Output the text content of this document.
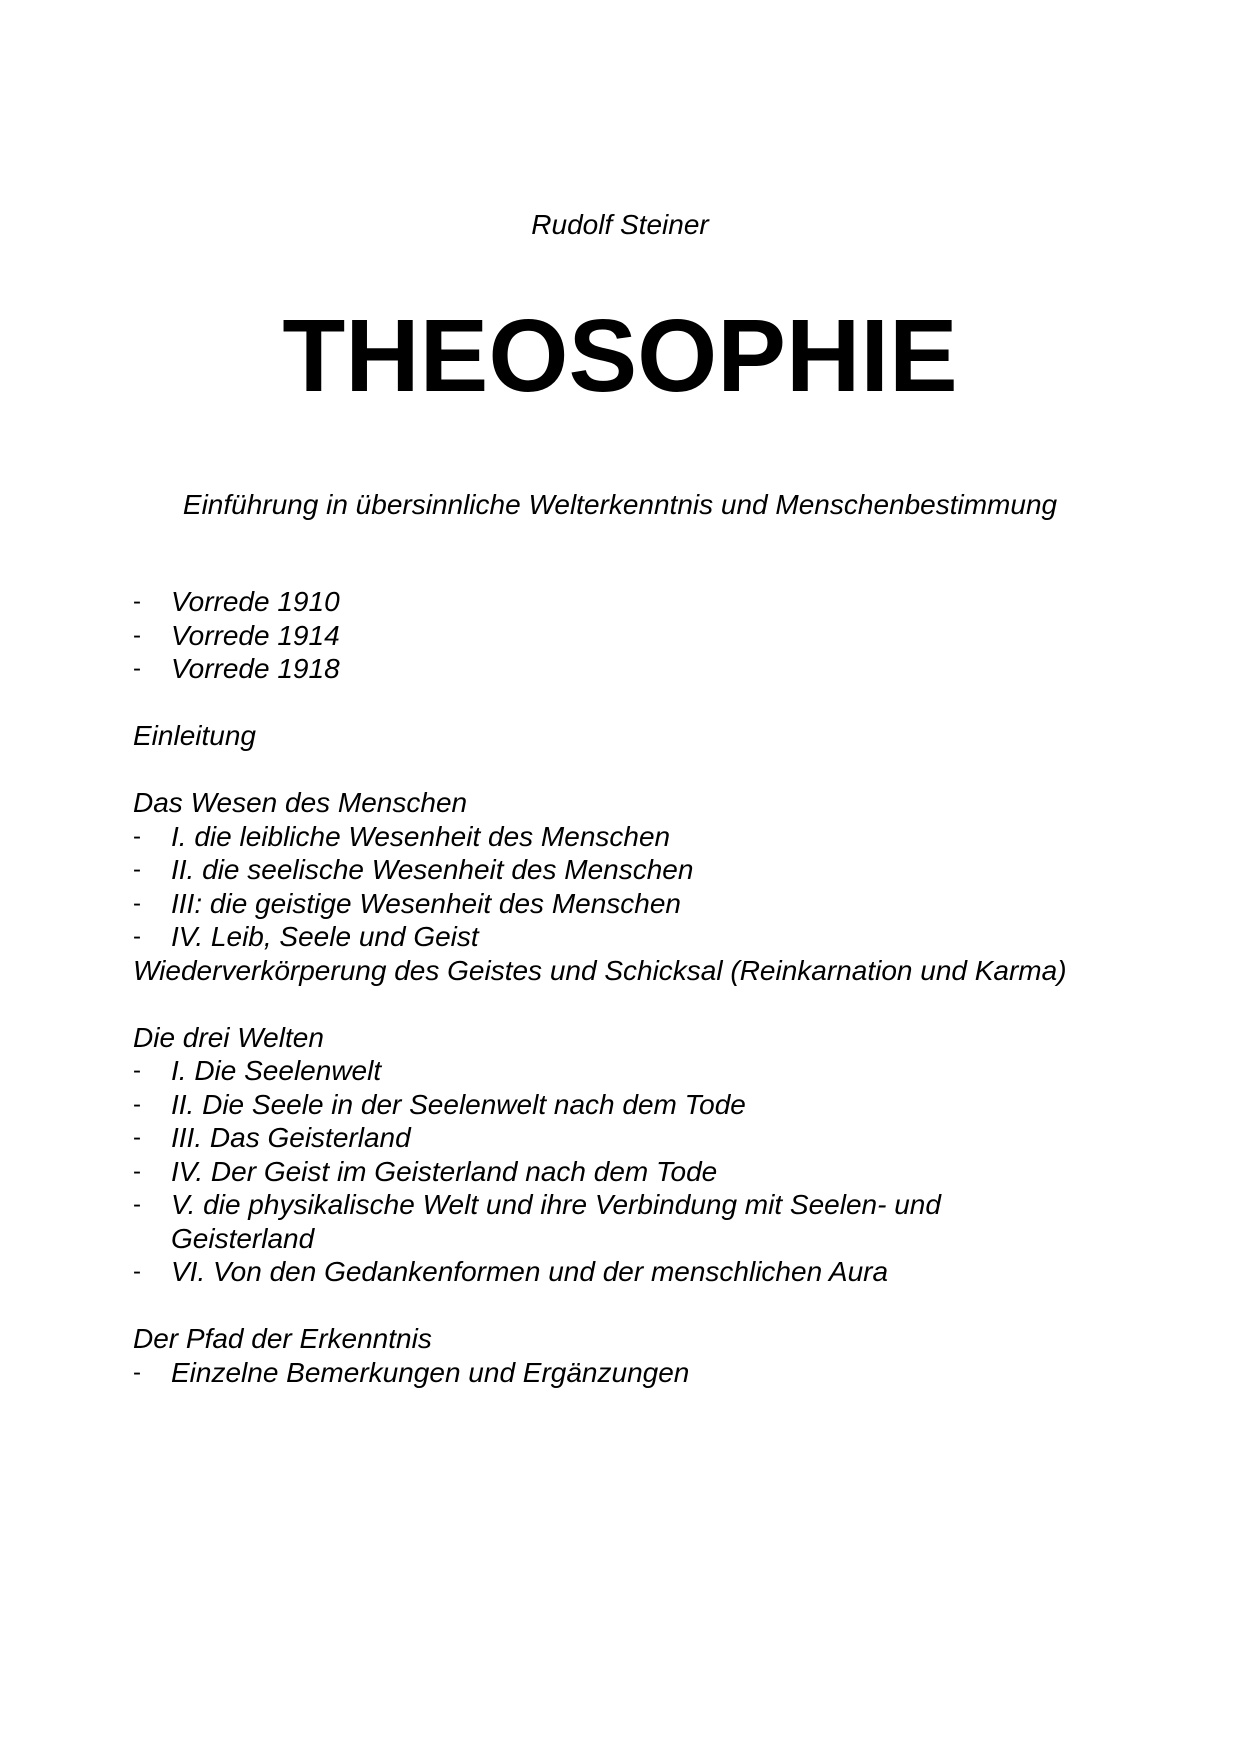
Rudolf Steiner
THEOSOPHIE
Einführung in übersinnliche Welterkenntnis und Menschenbestimmung
-	Vorrede 1910
-	Vorrede 1914
-	Vorrede 1918
Einleitung
Das Wesen des Menschen
-	I. die leibliche Wesenheit des Menschen
-	II. die seelische Wesenheit des Menschen
-	III: die geistige Wesenheit des Menschen
-	IV. Leib, Seele und Geist
Wiederverkörperung des Geistes und Schicksal (Reinkarnation und Karma)
Die drei Welten
-	I. Die Seelenwelt
-	II. Die Seele in der Seelenwelt nach dem Tode
-	III. Das Geisterland
-	IV. Der Geist im Geisterland nach dem Tode
-	V. die physikalische Welt und ihre Verbindung mit Seelen- und Geisterland
-	VI. Von den Gedankenformen und der menschlichen Aura
Der Pfad der Erkenntnis
-	Einzelne Bemerkungen und Ergänzungen
